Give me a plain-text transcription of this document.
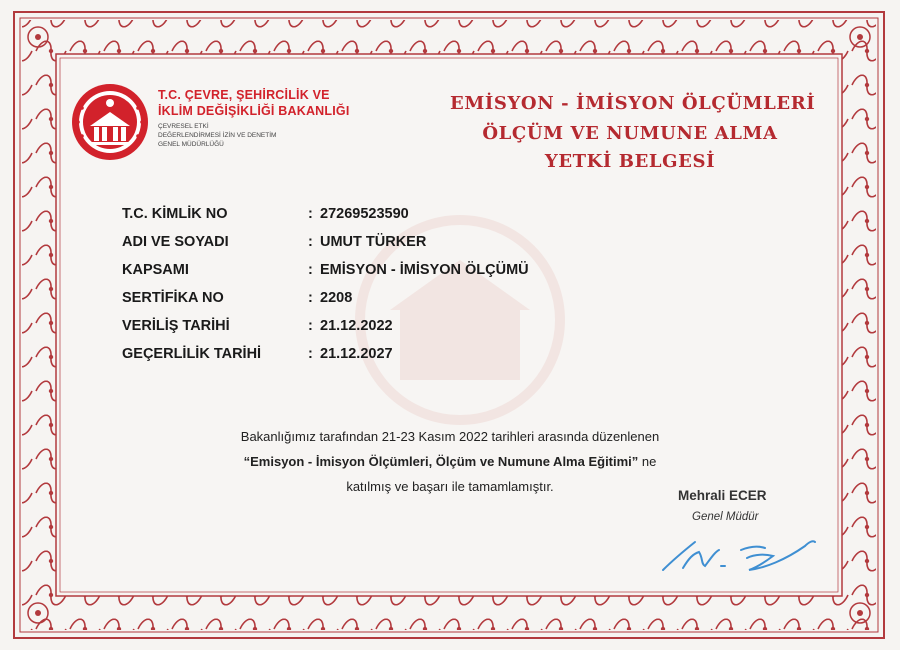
T.C. ÇEVRE, ŞEHİRCİLİK VE
İKLİM DEĞİŞİKLİĞİ BAKANLIĞI
ÇEVRESEL ETKİ
DEĞERLENDİRMESİ İZİN VE DENETİM
GENEL MÜDÜRLÜĞÜ
EMİSYON - İMİSYON ÖLÇÜMLERİ
ÖLÇÜM VE NUMUNE ALMA
YETKİ BELGESİ
T.C. KİMLİK NO	: 27269523590
ADI VE SOYADI	: UMUT TÜRKER
KAPSAMI	: EMİSYON - İMİSYON ÖLÇÜMÜ
SERTİFİKA NO	: 2208
VERİLİŞ TARİHİ	: 21.12.2022
GEÇERLİLİK TARİHİ	: 21.12.2027
Bakanlığımız tarafından 21-23 Kasım 2022 tarihleri arasında düzenlenen
“Emisyon - İmisyon Ölçümleri, Ölçüm ve Numune Alma Eğitimi” ne
katılmış ve başarı ile tamamlamıştır.
Mehrali ECER
Genel Müdür
